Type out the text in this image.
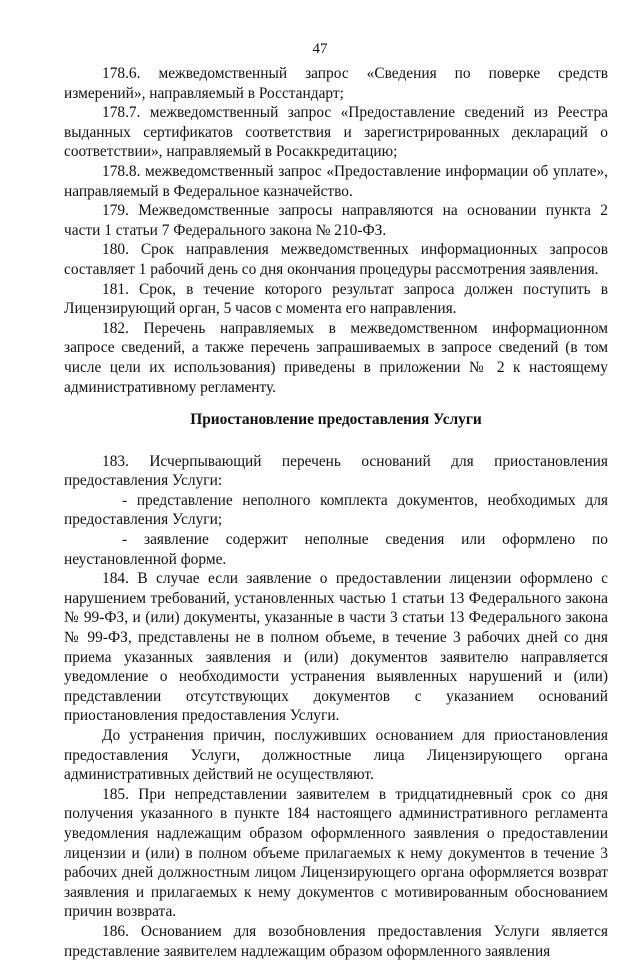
47

178.6. межведомственный запрос «Сведения по поверке средств измерений», направляемый в Росстандарт;

178.7. межведомственный запрос «Предоставление сведений из Реестра выданных сертификатов соответствия и зарегистрированных деклараций о соответствии», направляемый в Росаккредитацию;

178.8. межведомственный запрос «Предоставление информации об уплате», направляемый в Федеральное казначейство.

179. Межведомственные запросы направляются на основании пункта 2 части 1 статьи 7 Федерального закона № 210-ФЗ.

180. Срок направления межведомственных информационных запросов составляет 1 рабочий день со дня окончания процедуры рассмотрения заявления.

181. Срок, в течение которого результат запроса должен поступить в Лицензирующий орган, 5 часов с момента его направления.

182. Перечень направляемых в межведомственном информационном запросе сведений, а также перечень запрашиваемых в запросе сведений (в том числе цели их использования) приведены в приложении № 2 к настоящему административному регламенту.

Приостановление предоставления Услуги

183. Исчерпывающий перечень оснований для приостановления предоставления Услуги:

- представление неполного комплекта документов, необходимых для предоставления Услуги;

- заявление содержит неполные сведения или оформлено по неустановленной форме.

184. В случае если заявление о предоставлении лицензии оформлено с нарушением требований, установленных частью 1 статьи 13 Федерального закона № 99-ФЗ, и (или) документы, указанные в части 3 статьи 13 Федерального закона № 99-ФЗ, представлены не в полном объеме, в течение 3 рабочих дней со дня приема указанных заявления и (или) документов заявителю направляется уведомление о необходимости устранения выявленных нарушений и (или) представлении отсутствующих документов с указанием оснований приостановления предоставления Услуги.

До устранения причин, послуживших основанием для приостановления предоставления Услуги, должностные лица Лицензирующего органа административных действий не осуществляют.

185. При непредставлении заявителем в тридцатидневный срок со дня получения указанного в пункте 184 настоящего административного регламента уведомления надлежащим образом оформленного заявления о предоставлении лицензии и (или) в полном объеме прилагаемых к нему документов в течение 3 рабочих дней должностным лицом Лицензирующего органа оформляется возврат заявления и прилагаемых к нему документов с мотивированным обоснованием причин возврата.

186. Основанием для возобновления предоставления Услуги является представление заявителем надлежащим образом оформленного заявления
